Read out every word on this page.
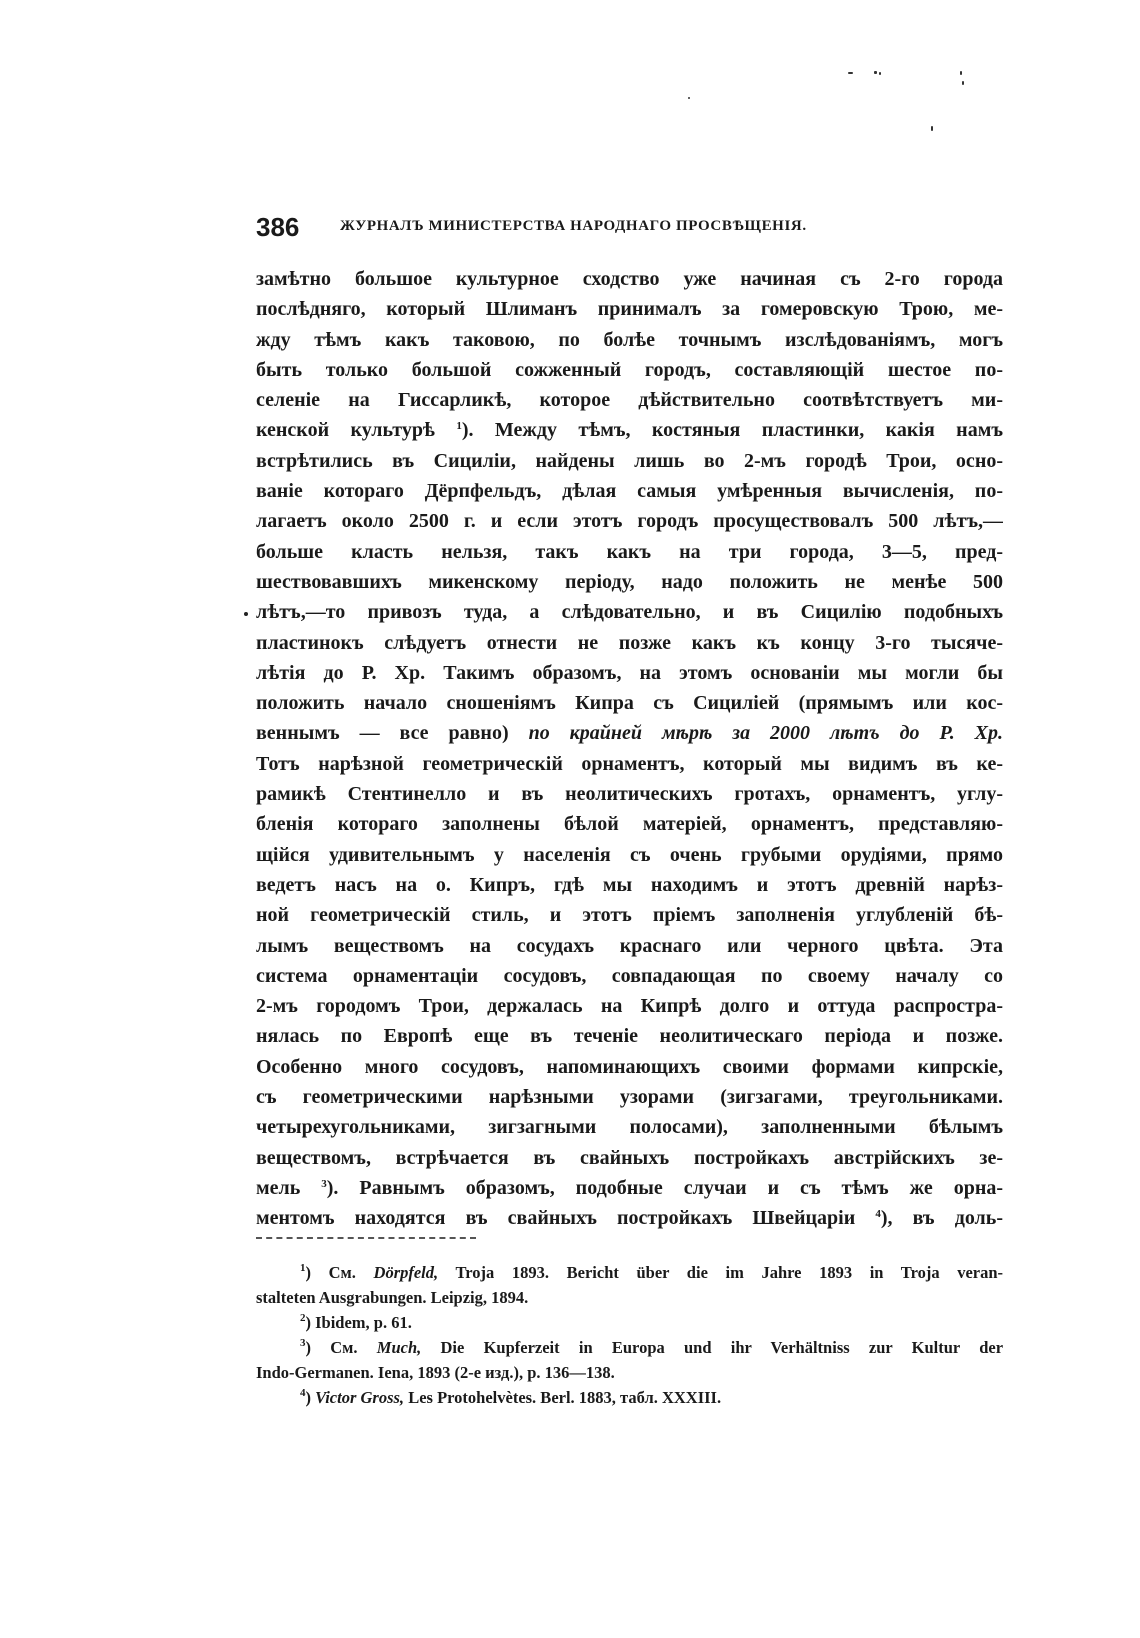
386	ЖУРНАЛЪ МИНИСТЕРСТВА НАРОДНАГО ПРОСВѢЩЕНІЯ.
замѣтно большое культурное сходство уже начиная съ 2-го города
послѣдняго, который Шлиманъ принималъ за гомеровскую Трою, ме-
жду тѣмъ какъ таковою, по болѣе точнымъ изслѣдованіямъ, могъ
быть только большой сожженный городъ, составляющій шестое по-
селеніе на Гиссарликѣ, которое дѣйствительно соотвѣтствуетъ ми-
кенской культурѣ $^1$). Между тѣмъ, костяныя пластинки, какія намъ
встрѣтились въ Сициліи, найдены лишь во 2-мъ городѣ Трои, осно-
ваніе котораго Дёрпфельдъ, дѣлая самыя умѣренныя вычисленія, по-
лагаетъ около 2500 г. и если этотъ городъ просуществовалъ 500 лѣтъ,—
больше класть нельзя, такъ какъ на три города, 3—5, пред-
шествовавшихъ микенскому періоду, надо положить не менѣе 500
лѣтъ,—то привозъ туда, а слѣдовательно, и въ Сицилію подобныхъ
пластинокъ слѣдуетъ отнести не позже какъ къ концу 3-го тысяче-
лѣтія до Р. Хр. Такимъ образомъ, на этомъ основаніи мы могли бы
положить начало сношеніямъ Кипра съ Сициліей (прямымъ или кос-
веннымъ — все равно) по крайней мѣрѣ за 2000 лѣтъ до Р. Хр.
Тотъ нарѣзной геометрическій орнаментъ, который мы видимъ въ ке-
рамикѣ Стентинелло и въ неолитическихъ гротахъ, орнаментъ, углу-
бленія котораго заполнены бѣлой матеріей, орнаментъ, представляю-
щійся удивительнымъ у населенія съ очень грубыми орудіями, прямо
ведетъ насъ на о. Кипръ, гдѣ мы находимъ и этотъ древній нарѣз-
ной геометрическій стиль, и этотъ пріемъ заполненія углубленій бѣ-
лымъ веществомъ на сосудахъ краснаго или черного цвѣта. Эта
система орнаментаціи сосудовъ, совпадающая по своему началу со
2-мъ городомъ Трои, держалась на Кипрѣ долго и оттуда распростра-
нялась по Европѣ еще въ теченіе неолитическаго періода и позже.
Особенно много сосудовъ, напоминающихъ своими формами кипрскіе,
съ геометрическими нарѣзными узорами (зигзагами, треугольниками.
четырехугольниками, зигзагными полосами), заполненными бѣлымъ
веществомъ, встрѣчается въ свайныхъ постройкахъ австрійскихъ зе-
мель $^3$). Равнымъ образомъ, подобные случаи и съ тѣмъ же орна-
ментомъ находятся въ свайныхъ постройкахъ Швейцаріи $^4$), въ доль-
$^1$) См. Dörpfeld, Troja 1893. Bericht über die im Jahre 1893 in Troja veran-
stalteten Ausgrabungen. Leipzig, 1894.
$^2$) Ibidem, p. 61.
$^3$) См. Much, Die Kupferzeit in Europa und ihr Verhältniss zur Kultur der
Indo-Germanen. Iena, 1893 (2-е изд.), p. 136—138.
$^4$) Victor Gross, Les Protohelvètes. Berl. 1883, табл. XXXIII.
